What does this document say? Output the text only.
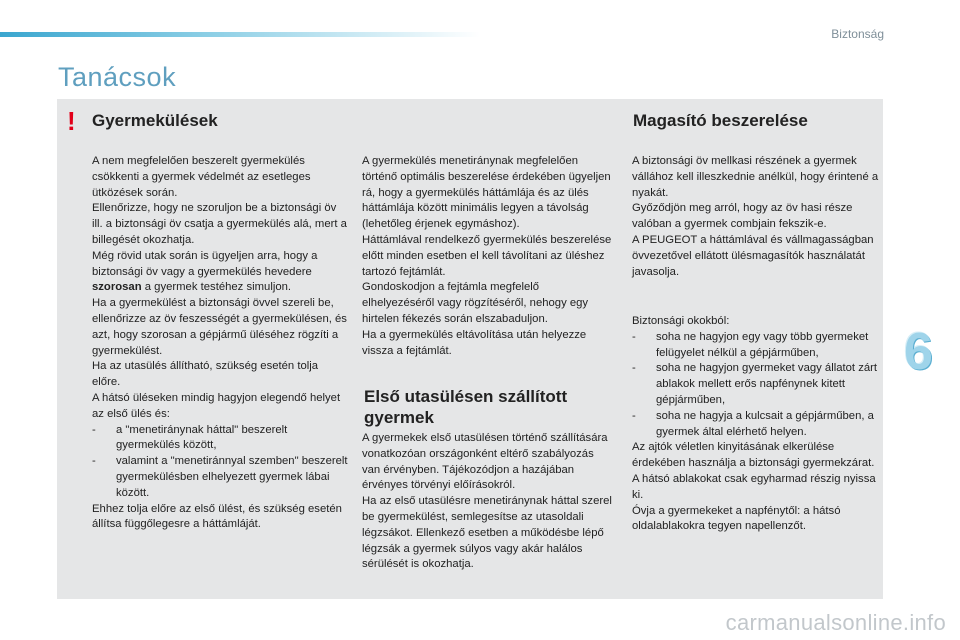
Biztonság
Tanácsok
! Gyermekülések	Magasító beszerelése

A nem megfelelően beszerelt gyermekülés csökkenti a gyermek védelmét az esetleges ütközések során.

Ellenőrizze, hogy ne szoruljon be a biztonsági öv ill. a biztonsági öv csatja a gyermekülés alá, mert a billegését okozhatja.

Még rövid utak során is ügyeljen arra, hogy a biztonsági öv vagy a gyermekülés hevedere szorosan a gyermek testéhez simuljon.

Ha a gyermekülést a biztonsági övvel szereli be, ellenőrizze az öv feszességét a gyermekülésen, és azt, hogy szorosan a gépjármű üléséhez rögzíti a gyermekülést.

Ha az utasülés állítható, szükség esetén tolja előre.

A hátsó üléseken mindig hagyjon elegendő helyet az első ülés és:

-	a "menetiránynak háttal" beszerelt gyermekülés között,
-	valamint a "menetiránnyal szemben" beszerelt gyermekülésben elhelyezett gyermek lábai között.

Ehhez tolja előre az első ülést, és szükség esetén állítsa függőlegesre a háttámláját.

A gyermekülés menetiránynak megfelelően történő optimális beszerelése érdekében ügyeljen rá, hogy a gyermekülés háttámlája és az ülés háttámlája között minimális legyen a távolság (lehetőleg érjenek egymáshoz).

Háttámlával rendelkező gyermekülés beszerelése előtt minden esetben el kell távolítani az üléshez tartozó fejtámlát.

Gondoskodjon a fejtámla megfelelő elhelyezéséről vagy rögzítéséről, nehogy egy hirtelen fékezés során elszabaduljon.

Ha a gyermekülés eltávolítása után helyezze vissza a fejtámlát.

Első utasülésen szállított gyermek

A gyermekek első utasülésen történő szállítására vonatkozóan országonként eltérő szabályozás van érvényben. Tájékozódjon a hazájában érvényes törvényi előírásokról.

Ha az első utasülésre menetiránynak háttal szerel be gyermekülést, semlegesítse az utasoldali légzsákot. Ellenkező esetben a működésbe lépő légzsák a gyermek súlyos vagy akár halálos sérülését is okozhatja.

A biztonsági öv mellkasi részének a gyermek vállához kell illeszkednie anélkül, hogy érintené a nyakát.

Győződjön meg arról, hogy az öv hasi része valóban a gyermek combjain fekszik-e.

A PEUGEOT a háttámlával és vállmagasságban övvezetővel ellátott ülésmagasítók használatát javasolja.

Biztonsági okokból:

-	soha ne hagyjon egy vagy több gyermeket felügyelet nélkül a gépjárműben,
-	soha ne hagyjon gyermeket vagy állatot zárt ablakok mellett erős napfénynek kitett gépjárműben,
-	soha ne hagyja a kulcsait a gépjárműben, a gyermek által elérhető helyen.

Az ajtók véletlen kinyitásának elkerülése érdekében használja a biztonsági gyermekzárat.

A hátsó ablakokat csak egyharmad részig nyissa ki.

Óvja a gyermekeket a napfénytől: a hátsó oldalablakokra tegyen napellenzőt.

6
carmanualsonline.info
